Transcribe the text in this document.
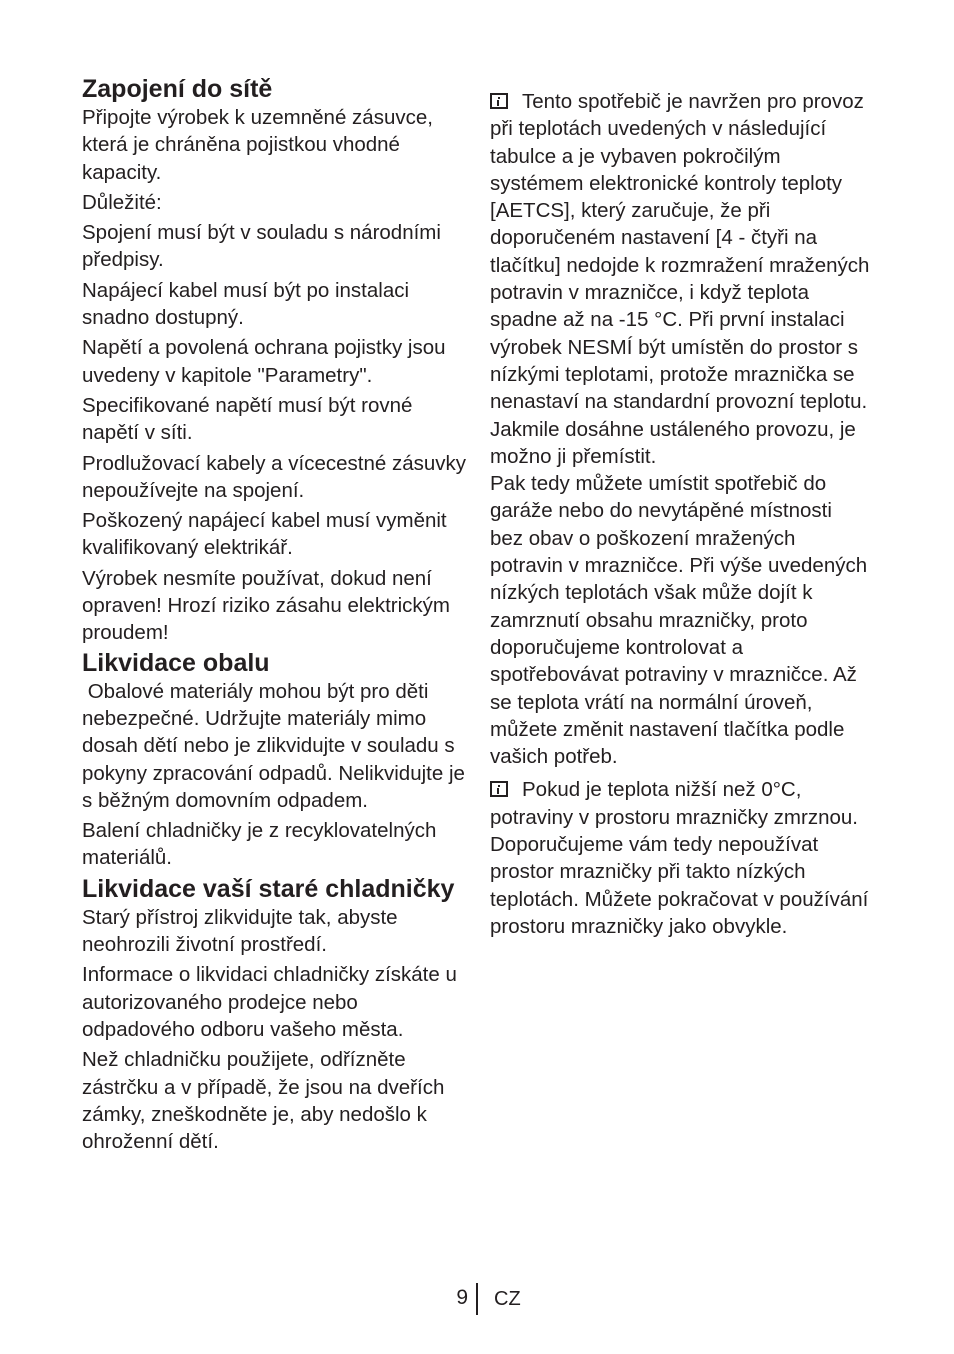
Zapojení do sítě

Připojte výrobek k uzemněné zásuvce, která je chráněna pojistkou vhodné kapacity.

Důležité:

Spojení musí být v souladu s národními předpisy.

Napájecí kabel musí být po instalaci snadno dostupný.

Napětí a povolená ochrana pojistky jsou uvedeny v kapitole "Parametry".

Specifikované napětí musí být rovné napětí v síti.

Prodlužovací kabely a vícecestné zásuvky nepoužívejte na spojení.

Poškozený napájecí kabel musí vyměnit kvalifikovaný elektrikář.

Výrobek nesmíte používat, dokud není opraven! Hrozí riziko zásahu elektrickým proudem!

Likvidace obalu

Obalové materiály mohou být pro děti nebezpečné. Udržujte materiály mimo dosah dětí nebo je zlikvidujte v souladu s pokyny zpracování odpadů. Nelikvidujte je s běžným domovním odpadem.

Balení chladničky je z recyklovatelných materiálů.

Likvidace vaší staré chladničky

Starý přístroj zlikvidujte tak, abyste neohrozili životní prostředí.

Informace o likvidaci chladničky získáte u autorizovaného prodejce nebo odpadového odboru vašeho města.

Než chladničku použijete, odřízněte zástrčku a v případě, že jsou na dveřích zámky, zneškodněte je, aby nedošlo k ohroženní dětí.

Tento spotřebič je navržen pro provoz při teplotách uvedených v následující tabulce a je vybaven pokročilým systémem elektronické kontroly teploty [AETCS], který zaručuje, že při doporučeném nastavení [4 - čtyři na tlačítku] nedojde k rozmražení mražených potravin v mrazničce, i když teplota spadne až na -15 °C. Při první instalaci výrobek NESMÍ být umístěn do prostor s nízkými teplotami, protože mraznička se nenastaví na standardní provozní teplotu. Jakmile dosáhne ustáleného provozu, je možno ji přemístit.

Pak tedy můžete umístit spotřebič do garáže nebo do nevytápěné místnosti bez obav o poškození mražených potravin v mrazničce. Při výše uvedených nízkých teplotách však může dojít k zamrznutí obsahu mrazničky, proto doporučujeme kontrolovat a spotřebovávat potraviny v mrazničce. Až se teplota vrátí na normální úroveň, můžete změnit nastavení tlačítka podle vašich potřeb.

Pokud je teplota nižší než 0°C, potraviny v prostoru mrazničky zmrznou. Doporučujeme vám tedy nepoužívat prostor mrazničky při takto nízkých teplotách. Můžete pokračovat v používání prostoru mrazničky jako obvykle.

9 CZ
